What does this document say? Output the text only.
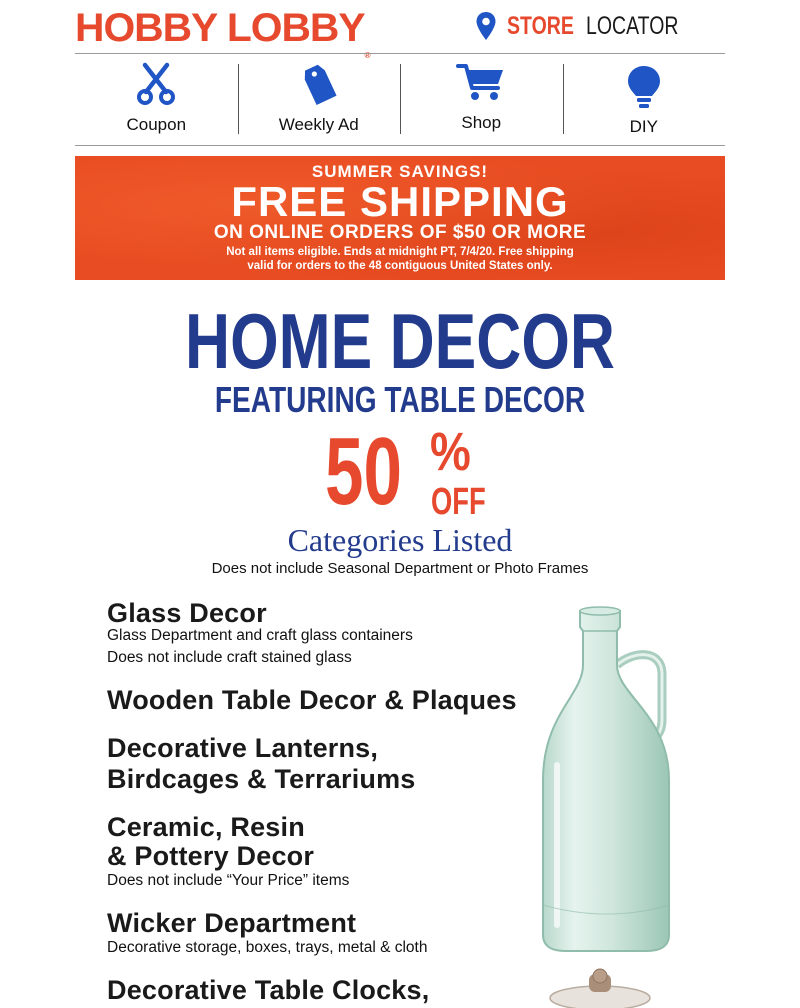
HOBBY LOBBY®
STORE LOCATOR
Coupon	Weekly Ad	Shop	DIY
SUMMER SAVINGS!
FREE SHIPPING
ON ONLINE ORDERS OF $50 OR MORE
Not all items eligible. Ends at midnight PT, 7/4/20. Free shipping
valid for orders to the 48 contiguous United States only.
HOME DECOR
FEATURING TABLE DECOR
50 %
OFF
Categories Listed
Does not include Seasonal Department or Photo Frames
Glass Decor
Glass Department and craft glass containers
Does not include craft stained glass
Wooden Table Decor & Plaques
Decorative Lanterns,
Birdcages & Terrariums
Ceramic, Resin
& Pottery Decor
Does not include “Your Price” items
Wicker Department
Decorative storage, boxes, trays, metal & cloth
Decorative Table Clocks,
